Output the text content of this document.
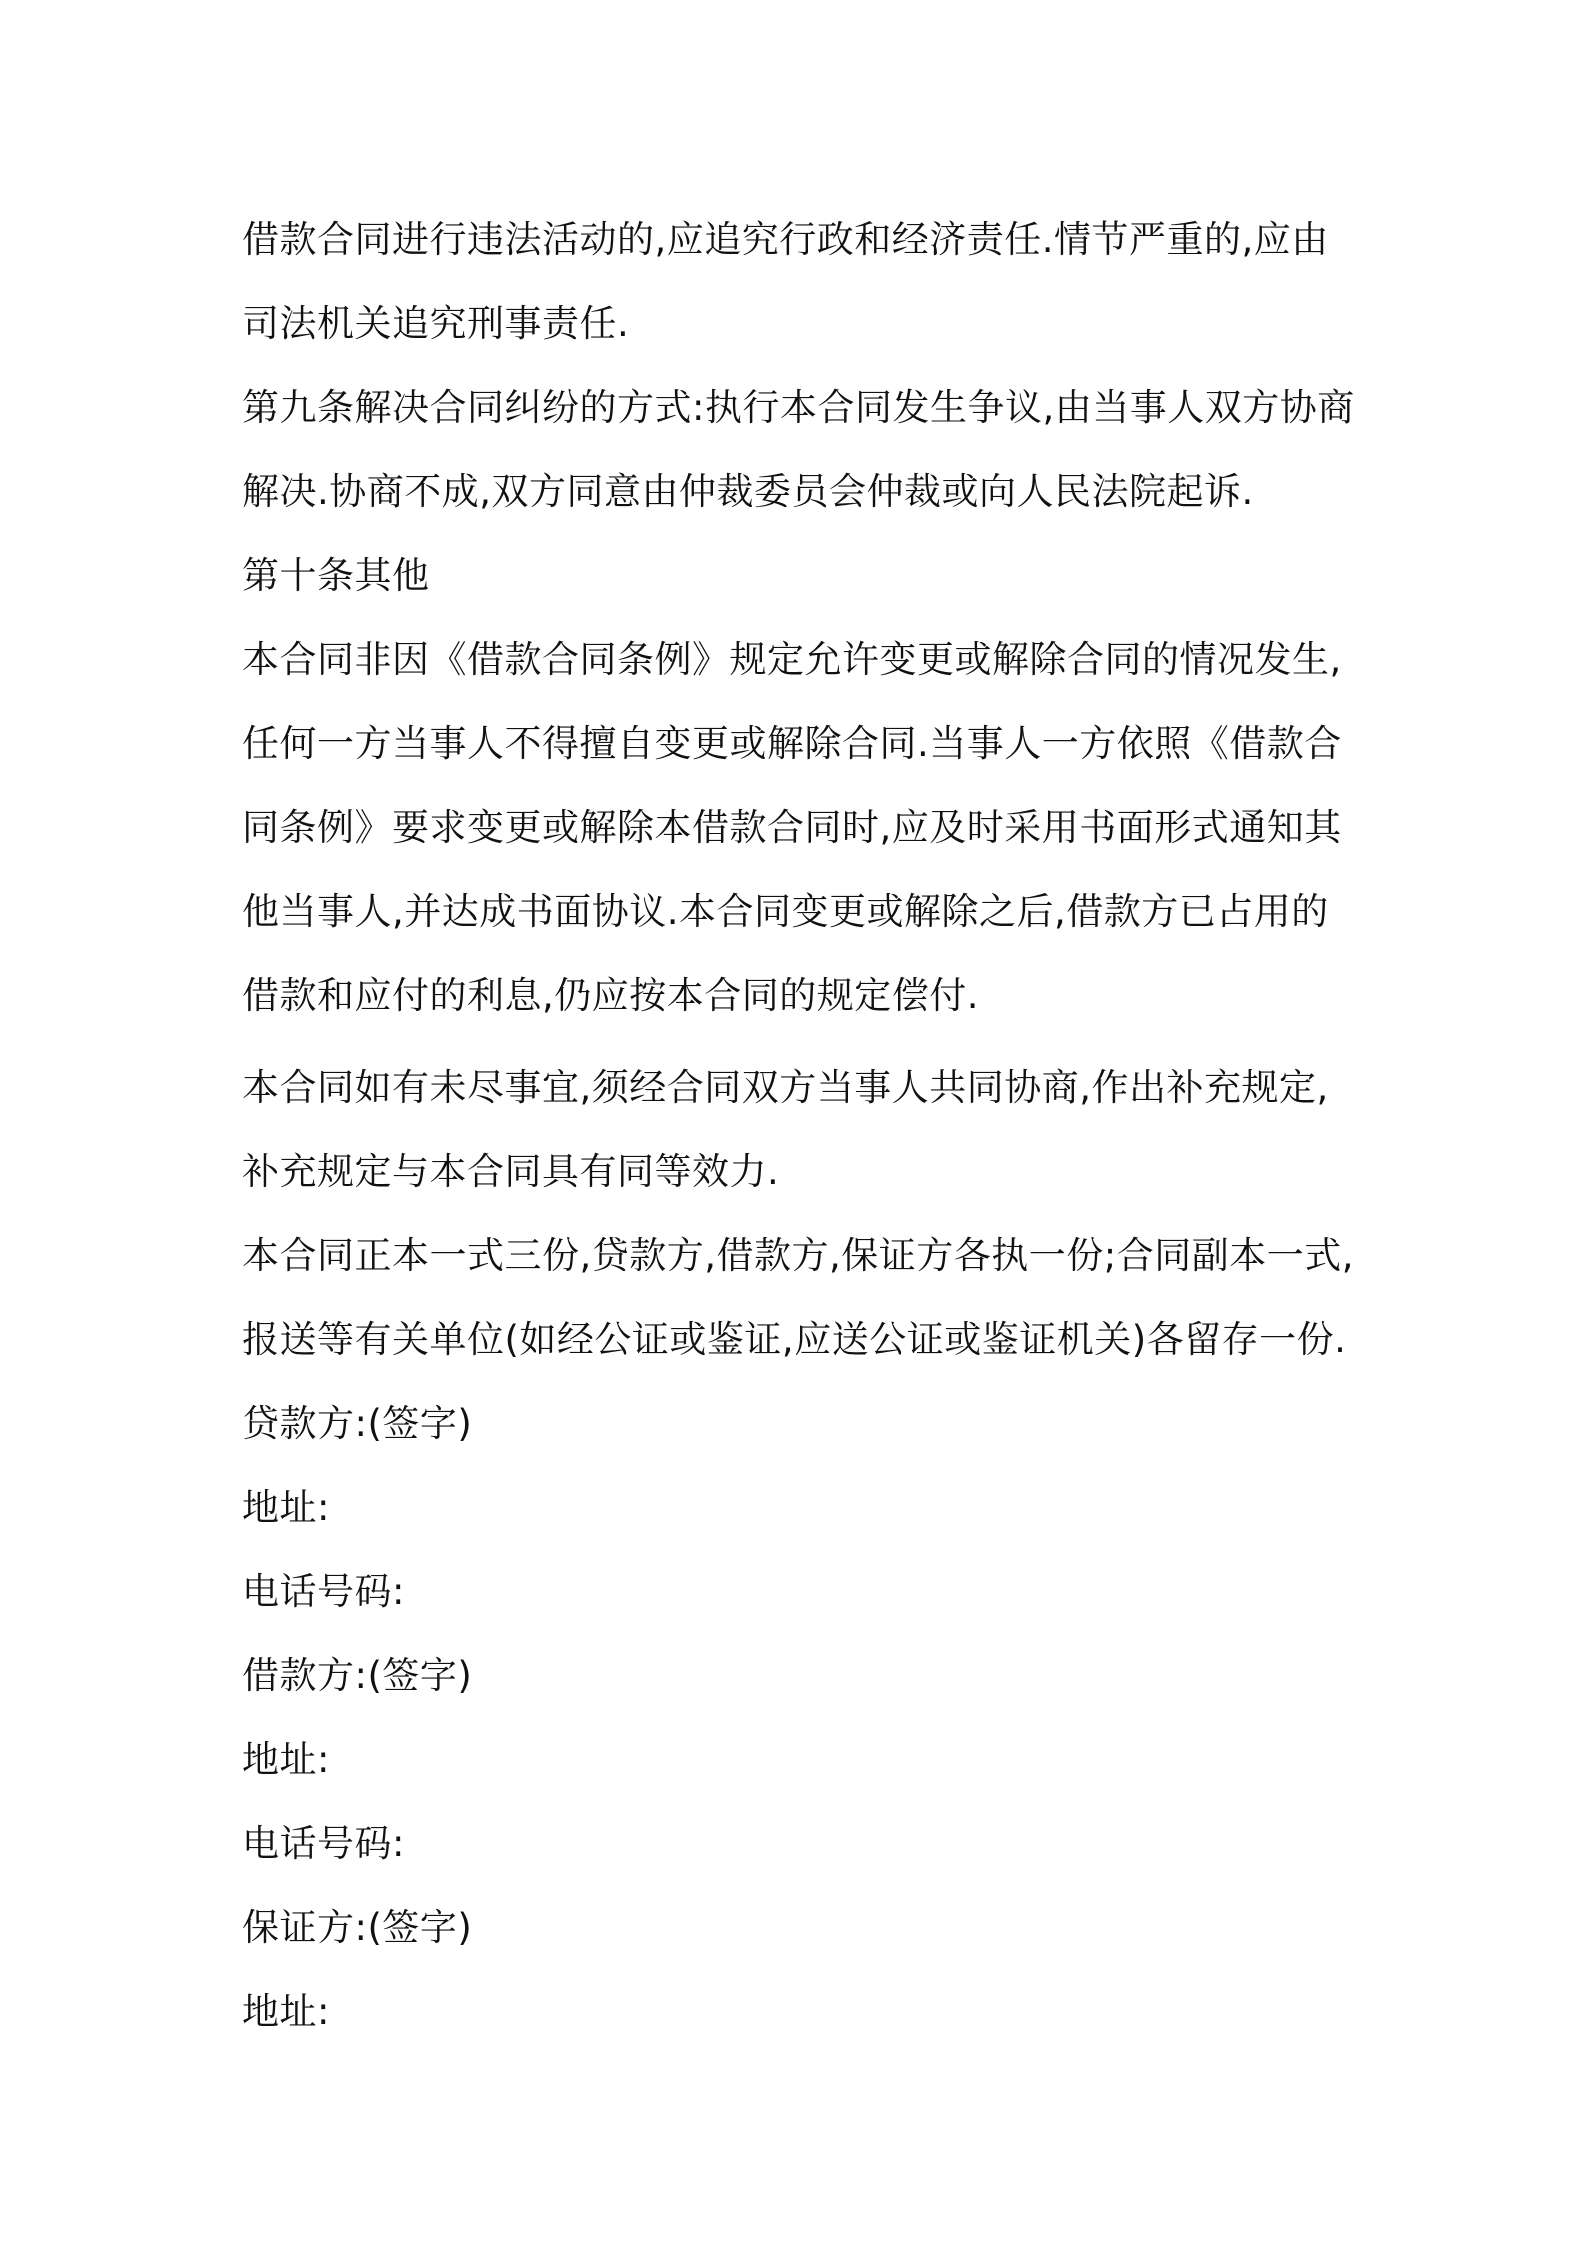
借款合同进行违法活动的,应追究行政和经济责任.情节严重的,应由

司法机关追究刑事责任.

第九条解决合同纠纷的方式:执行本合同发生争议,由当事人双方协商

解决.协商不成,双方同意由仲裁委员会仲裁或向人民法院起诉.

第十条其他

本合同非因《借款合同条例》规定允许变更或解除合同的情况发生,

任何一方当事人不得擅自变更或解除合同.当事人一方依照《借款合

同条例》要求变更或解除本借款合同时,应及时采用书面形式通知其

他当事人,并达成书面协议.本合同变更或解除之后,借款方已占用的

借款和应付的利息,仍应按本合同的规定偿付.

本合同如有未尽事宜,须经合同双方当事人共同协商,作出补充规定,

补充规定与本合同具有同等效力.

本合同正本一式三份,贷款方,借款方,保证方各执一份;合同副本一式,

报送等有关单位(如经公证或鉴证,应送公证或鉴证机关)各留存一份.

贷款方:(签字)

地址:

电话号码:

借款方:(签字)

地址:

电话号码:

保证方:(签字)

地址:
